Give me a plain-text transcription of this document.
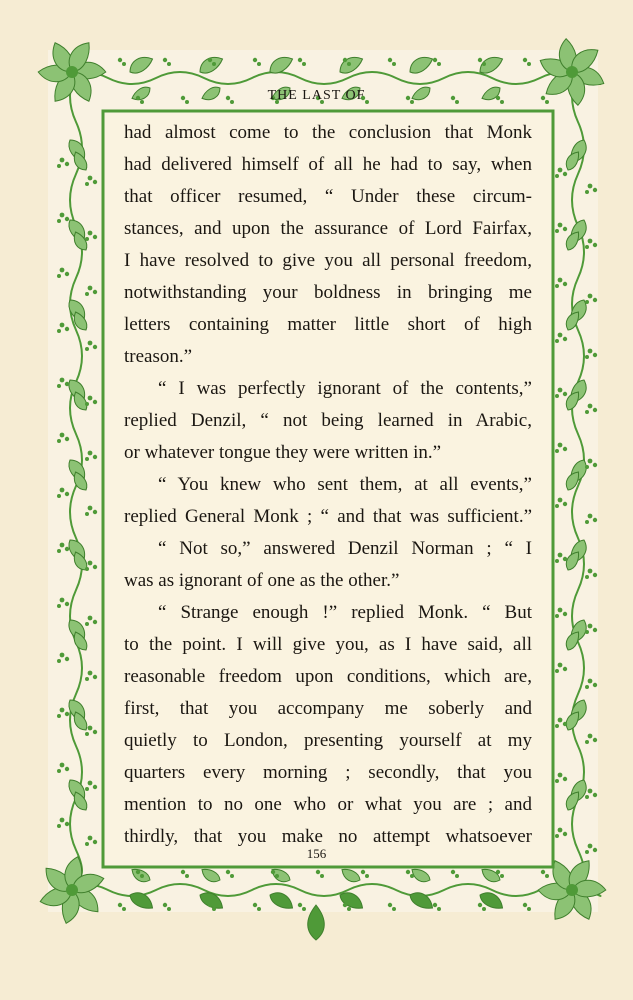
THE LAST OF
had almost come to the conclusion that Monk
had delivered himself of all he had to say, when
that officer resumed, “ Under these circum-
stances, and upon the assurance of Lord Fairfax,
I have resolved to give you all personal freedom,
notwithstanding your boldness in bringing me
letters containing matter little short of high
treason.”
“ I was perfectly ignorant of the contents,”
replied Denzil, “ not being learned in Arabic,
or whatever tongue they were written in.”
“ You knew who sent them, at all events,”
replied General Monk ; “ and that was sufficient.”
“ Not so,” answered Denzil Norman ; “ I
was as ignorant of one as the other.”
“ Strange enough !” replied Monk. “ But
to the point. I will give you, as I have said, all
reasonable freedom upon conditions, which are,
first, that you accompany me soberly and
quietly to London, presenting yourself at my
quarters every morning ; secondly, that you
mention to no one who or what you are ; and
thirdly, that you make no attempt whatsoever
156
